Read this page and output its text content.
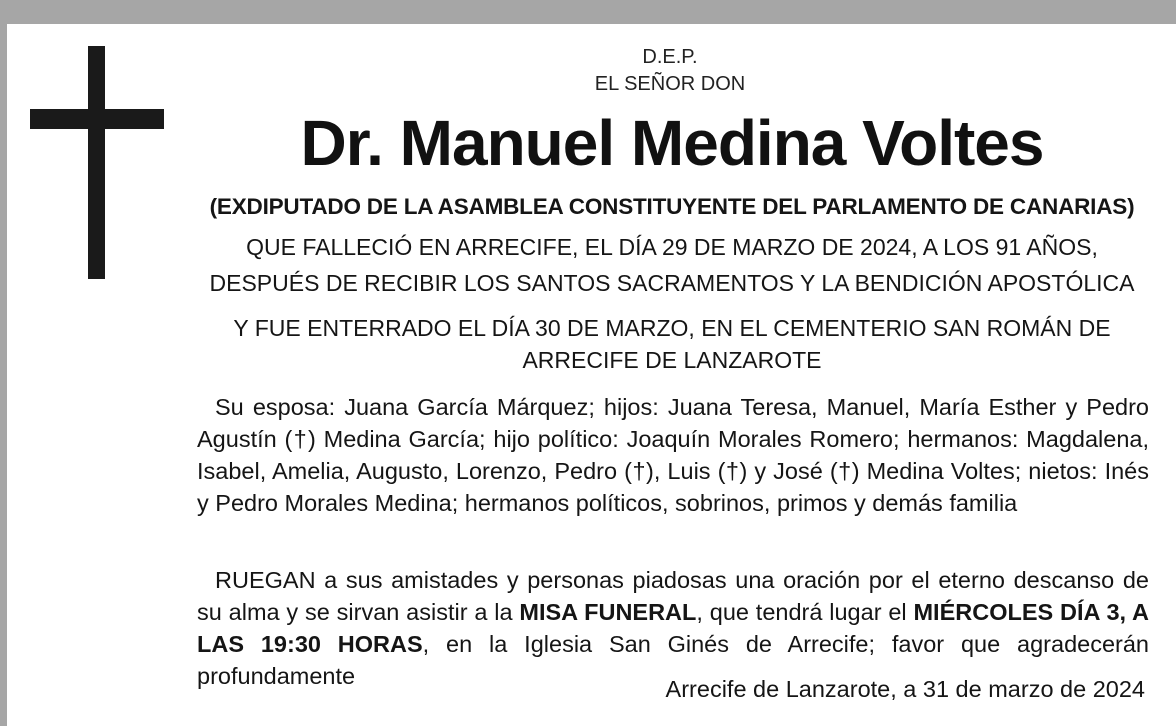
D.E.P.
EL SEÑOR DON
Dr. Manuel Medina Voltes
(EXDIPUTADO DE LA ASAMBLEA CONSTITUYENTE DEL PARLAMENTO DE CANARIAS)
QUE FALLECIÓ EN ARRECIFE, EL DÍA 29 DE MARZO DE 2024, A LOS 91 AÑOS,
DESPUÉS DE RECIBIR LOS SANTOS SACRAMENTOS Y LA BENDICIÓN APOSTÓLICA
Y FUE ENTERRADO EL DÍA 30 DE MARZO, EN EL CEMENTERIO SAN ROMÁN DE
ARRECIFE DE LANZAROTE
Su esposa: Juana García Márquez; hijos: Juana Teresa, Manuel, María Esther y Pedro Agustín (†) Medina García; hijo político: Joaquín Morales Romero; hermanos: Magdalena, Isabel, Amelia, Augusto, Lorenzo, Pedro (†), Luis (†) y José (†) Medina Voltes; nietos: Inés y Pedro Morales Medina; hermanos políticos, sobrinos, primos y demás familia
RUEGAN a sus amistades y personas piadosas una oración por el eterno descanso de su alma y se sirvan asistir a la MISA FUNERAL, que tendrá lugar el MIÉRCOLES DÍA 3, A LAS 19:30 HORAS, en la Iglesia San Ginés de Arrecife; favor que agradecerán profundamente	Arrecife de Lanzarote, a 31 de marzo de 2024
